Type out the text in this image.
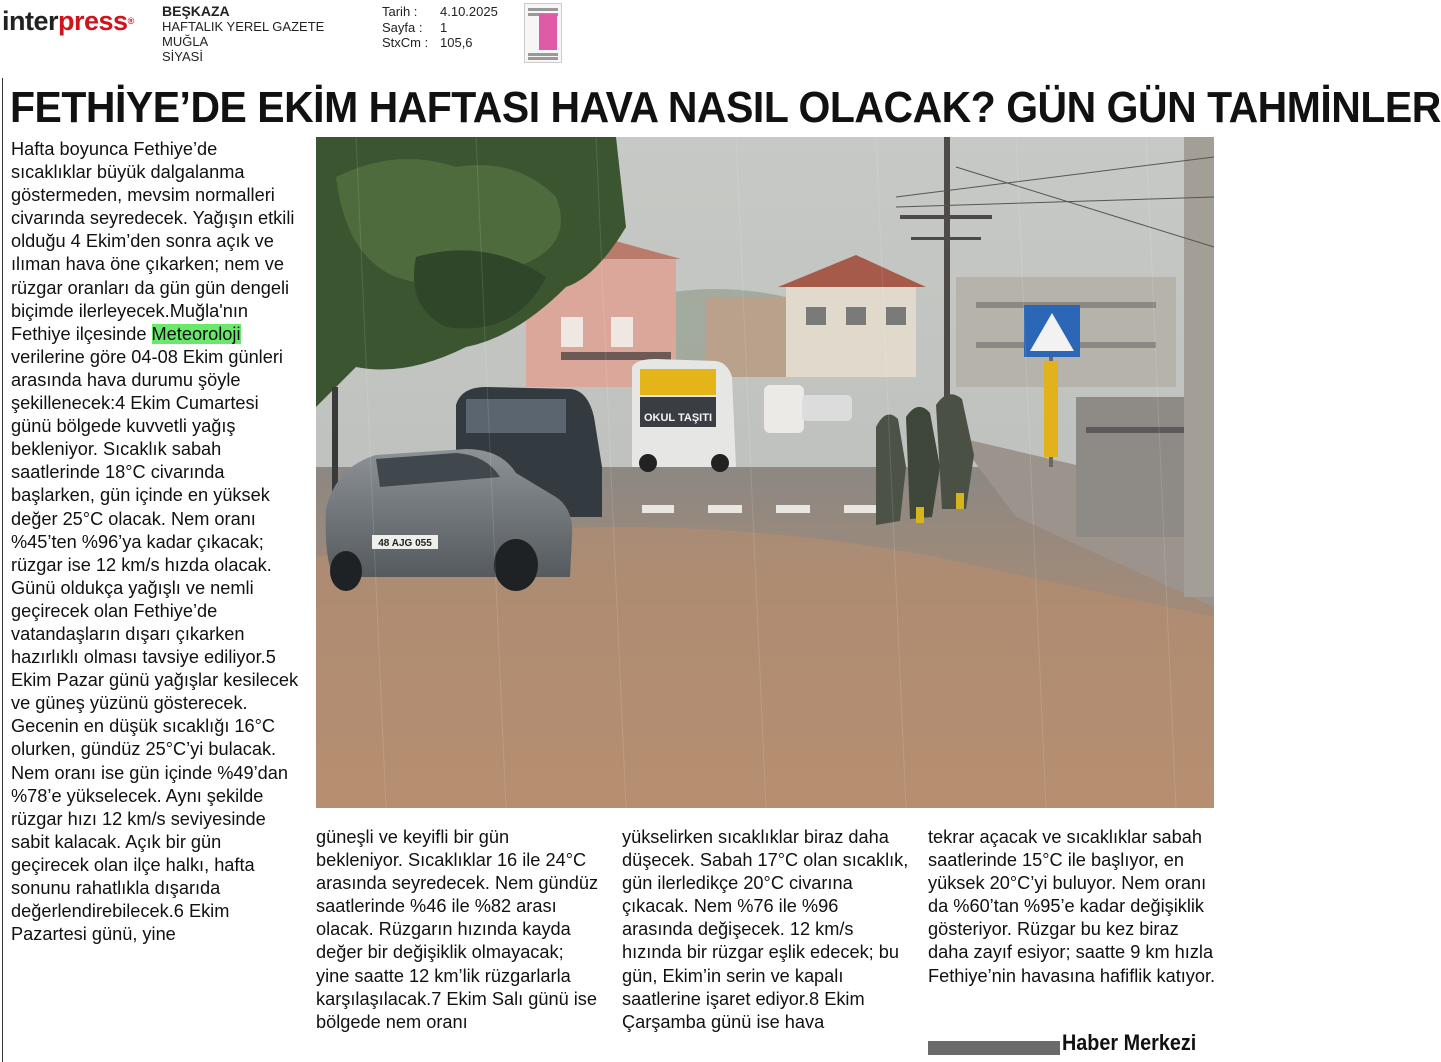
interpress®
BEŞKAZA
HAFTALIK YEREL GAZETE
MUĞLA
SİYASİ
Tarih :	4.10.2025
Sayfa :	1
StxCm : 105,6
FETHİYE’DE EKİM HAFTASI HAVA NASIL OLACAK? GÜN GÜN TAHMİNLER

Hafta boyunca Fethiye’de sıcaklıklar büyük dalgalanma göstermeden, mevsim normalleri civarında seyredecek. Yağışın etkili olduğu 4 Ekim’den sonra açık ve ılıman hava öne çıkarken; nem ve rüzgar oranları da gün gün dengeli biçimde ilerleyecek.Muğla'nın Fethiye ilçesinde Meteoroloji verilerine göre 04-08 Ekim günleri arasında hava durumu şöyle şekillenecek:4 Ekim Cumartesi günü bölgede kuvvetli yağış bekleniyor. Sıcaklık sabah saatlerinde 18°C civarında başlarken, gün içinde en yüksek değer 25°C olacak. Nem oranı %45’ten %96’ya kadar çıkacak; rüzgar ise 12 km/s hızda olacak. Günü oldukça yağışlı ve nemli geçirecek olan Fethiye’de vatandaşların dışarı çıkarken hazırlıklı olması tavsiye ediliyor.5 Ekim Pazar günü yağışlar kesilecek ve güneş yüzünü gösterecek. Gecenin en düşük sıcaklığı 16°C olurken, gündüz 25°C’yi bulacak. Nem oranı ise gün içinde %49’dan %78’e yükselecek. Aynı şekilde rüzgar hızı 12 km/s seviyesinde sabit kalacak. Açık bir gün geçirecek olan ilçe halkı, hafta sonunu rahatlıkla dışarıda değerlendirebilecek.6 Ekim Pazartesi günü, yine

OKUL TAŞITI
48 AJG 055

güneşli ve keyifli bir gün bekleniyor. Sıcaklıklar 16 ile 24°C arasında seyredecek. Nem gündüz saatlerinde %46 ile %82 arası olacak. Rüzgarın hızında kayda değer bir değişiklik olmayacak; yine saatte 12 km’lik rüzgarlarla karşılaşılacak.7 Ekim Salı günü ise bölgede nem oranı

yükselirken sıcaklıklar biraz daha düşecek. Sabah 17°C olan sıcaklık, gün ilerledikçe 20°C civarına çıkacak. Nem %76 ile %96 arasında değişecek. 12 km/s hızında bir rüzgar eşlik edecek; bu gün, Ekim’in serin ve kapalı saatlerine işaret ediyor.8 Ekim Çarşamba günü ise hava

tekrar açacak ve sıcaklıklar sabah saatlerinde 15°C ile başlıyor, en yüksek 20°C’yi buluyor. Nem oranı da %60’tan %95’e kadar değişiklik gösteriyor. Rüzgar bu kez biraz daha zayıf esiyor; saatte 9 km hızla Fethiye’nin havasına hafiflik katıyor.

Haber Merkezi
